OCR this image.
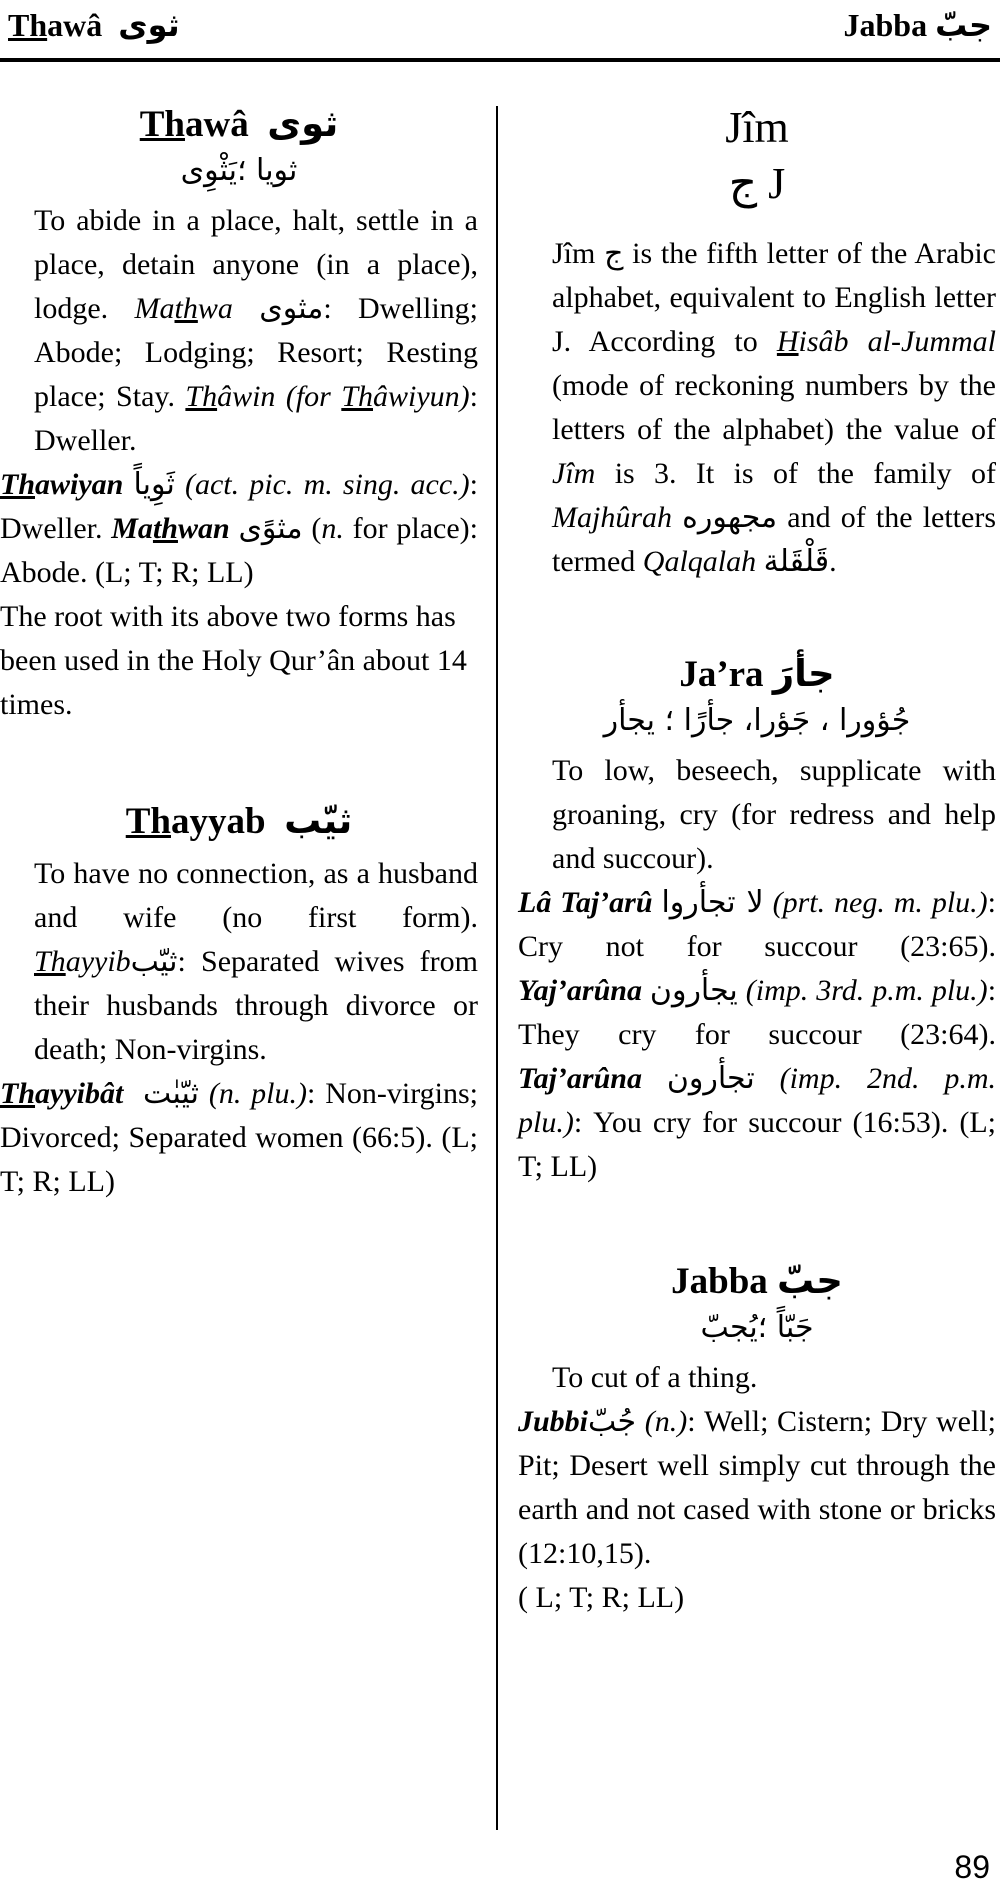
Thawâ ثوى	Jabba جبّ
Thawâ ثوى
ثويا ؛يَثْوِى

To abide in a place, halt, settle in a place, detain anyone (in a place), lodge. Mathwa مثوى: Dwelling; Abode; Lodging; Resort; Resting place; Stay. Thâwin (for Thâwiyun): Dweller.

Thawiyan ثَوِياً (act. pic. m. sing. acc.): Dweller. Mathwan مثوًى (n. for place): Abode. (L; T; R; LL)

The root with its above two forms has been used in the Holy Qur’ân about 14 times.

Thayyab ثيّب

To have no connection, as a husband and wife (no first form). Thayyibثيّب: Separated wives from their husbands through divorce or death; Non-virgins.

Thayyibât ثيّبٰت (n. plu.): Non-virgins; Divorced; Separated women (66:5). (L; T; R; LL)

Jîm
ج J

Jîm ج is the fifth letter of the Arabic alphabet, equivalent to English letter J. According to Hisâb al-Jummal (mode of reckoning numbers by the letters of the alphabet) the value of Jîm is 3. It is of the family of Majhûrah مجهوره and of the letters termed Qalqalah قَلْقَلة.

Ja’ra جأرَ
جُؤورا ، جَؤرا، جأرًا ؛ يجأر

To low, beseech, supplicate with groaning, cry (for redress and help and succour).

Lâ Taj’arû لا تجأروا (prt. neg. m. plu.): Cry not for succour (23:65). Yaj’arûna يجأرون (imp. 3rd. p.m. plu.): They cry for succour (23:64). Taj’arûna تجأرون (imp. 2nd. p.m. plu.): You cry for succour (16:53). (L; T; LL)

Jabba جبّ
جَبّاً ؛يُجبّ

To cut of a thing.

Jubbiجُبّ (n.): Well; Cistern; Dry well; Pit; Desert well simply cut through the earth and not cased with stone or bricks (12:10,15).

( L; T; R; LL)

89
